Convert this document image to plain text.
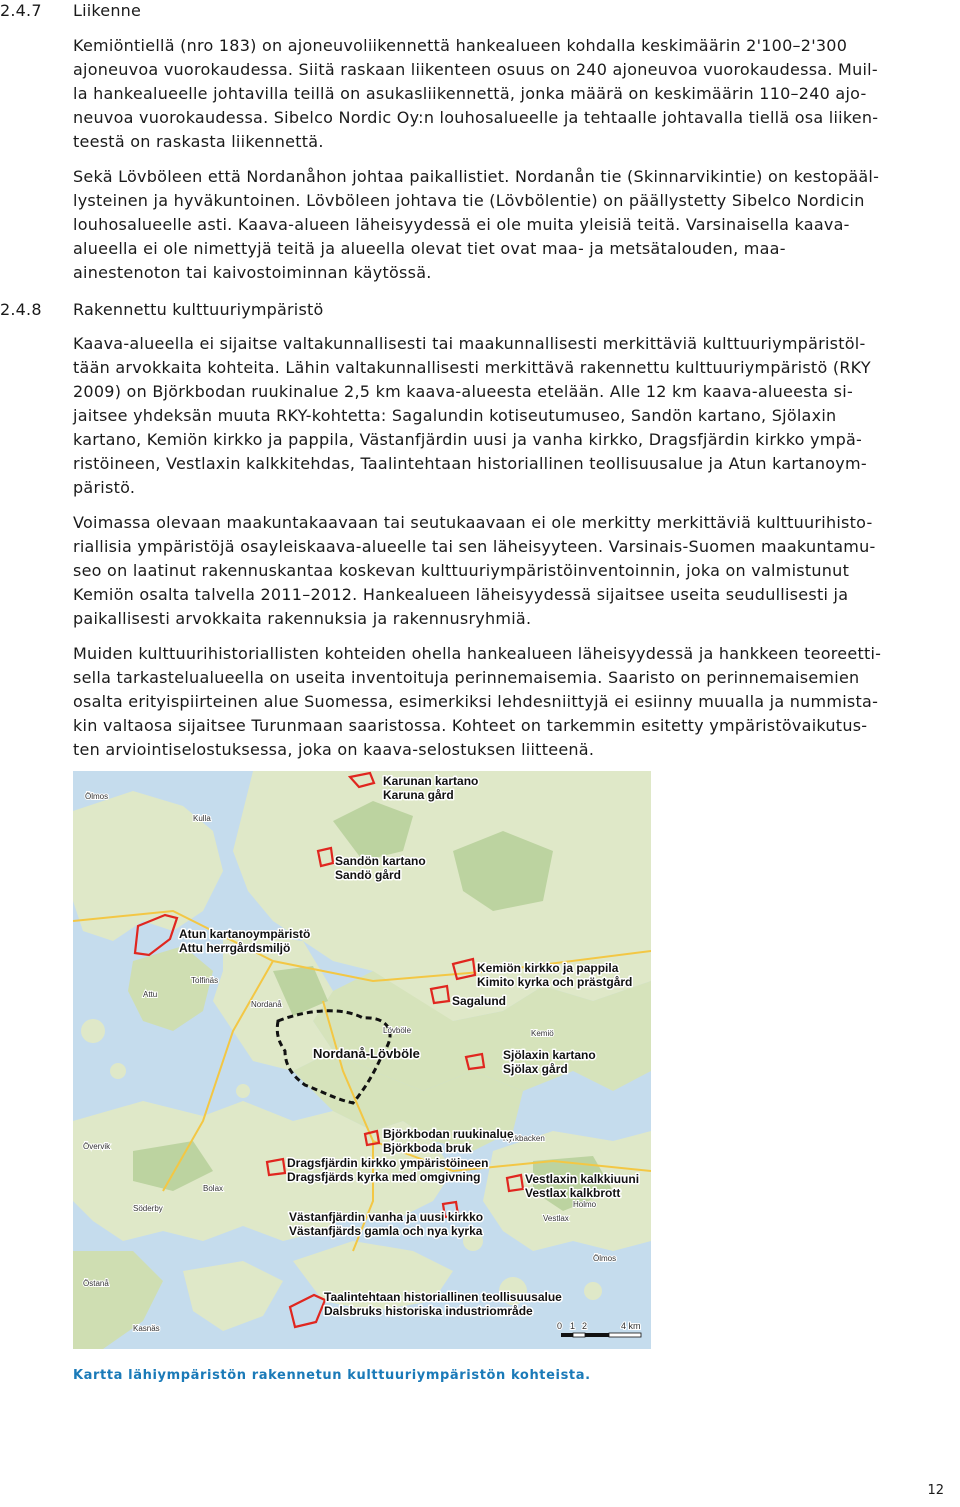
2.4.7 Liikenne
Kemiöntiellä (nro 183) on ajoneuvoliikennettä hankealueen kohdalla keskimäärin 2'100–2'300
ajoneuvoa vuorokaudessa. Siitä raskaan liikenteen osuus on 240 ajoneuvoa vuorokaudessa. Muil-
la hankealueelle johtavilla teillä on asukasliikennettä, jonka määrä on keskimäärin 110–240 ajo-
neuvoa vuorokaudessa. Sibelco Nordic Oy:n louhosalueelle ja tehtaalle johtavalla tiellä osa liiken-
teestä on raskasta liikennettä.
Sekä Lövböleen että Nordanåhon johtaa paikallistiet. Nordanån tie (Skinnarvikintie) on kestopääl-
lysteinen ja hyväkuntoinen. Lövböleen johtava tie (Lövbölentie) on päällystetty Sibelco Nordicin
louhosalueelle asti. Kaava-alueen läheisyydessä ei ole muita yleisiä teitä. Varsinaisella kaava-
alueella ei ole nimettyjä teitä ja alueella olevat tiet ovat maa- ja metsätalouden, maa-
ainestenoton tai kaivostoiminnan käytössä.
2.4.8 Rakennettu kulttuuriympäristö
Kaava-alueella ei sijaitse valtakunnallisesti tai maakunnallisesti merkittäviä kulttuuriympäristöl-
tään arvokkaita kohteita. Lähin valtakunnallisesti merkittävä rakennettu kulttuuriympäristö (RKY
2009) on Björkbodan ruukinalue 2,5 km kaava-alueesta etelään. Alle 12 km kaava-alueesta si-
jaitsee yhdeksän muuta RKY-kohtetta: Sagalundin kotiseutumuseo, Sandön kartano, Sjölaxin
kartano, Kemiön kirkko ja pappila, Västanfjärdin uusi ja vanha kirkko, Dragsfjärdin kirkko ympä-
ristöineen, Vestlaxin kalkkitehdas, Taalintehtaan historiallinen teollisuusalue ja Atun kartanoym-
päristö.
Voimassa olevaan maakuntakaavaan tai seutukaavaan ei ole merkitty merkittäviä kulttuurihisto-
riallisia ympäristöjä osayleiskaava-alueelle tai sen läheisyyteen. Varsinais-Suomen maakuntamu-
seo on laatinut rakennuskantaa koskevan kulttuuriympäristöinventoinnin, joka on valmistunut
Kemiön osalta talvella 2011–2012. Hankealueen läheisyydessä sijaitsee useita seudullisesti ja
paikallisesti arvokkaita rakennuksia ja rakennusryhmiä.
Muiden kulttuurihistoriallisten kohteiden ohella hankealueen läheisyydessä ja hankkeen teoreetti-
sella tarkastelualueella on useita inventoituja perinnemaisemia. Saaristo on perinnemaisemien
osalta erityispiirteinen alue Suomessa, esimerkiksi lehdesniittyjä ei esiinny muualla ja nummista-
kin valtaosa sijaitsee Turunmaan saaristossa. Kohteet on tarkemmin esitetty ympäristövaikutus-
ten arviointiselostuksessa, joka on kaava-selostuksen liitteenä.
Ölmos
Kulla
Tolfinäs
Attu
Kemiö
Övervik
Söderby
Bolax
Östanå
Nordanå
Lövböle
Kyrkbacken
Holmo
Vestlax
Ölmos
Kasnäs
Karunan kartano
Karuna gård
Sandön kartano
Sandö gård
Atun kartanoympäristö
Attu herrgårdsmiljö
Kemiön kirkko ja pappila
Kimito kyrka och prästgård
Sagalund
Nordanå-Lövböle	Sjölaxin kartano
Sjölax gård
Björkbodan ruukinalue
Björkboda bruk
Dragsfjärdin kirkko ympäristöineen
Dragsfjärds kyrka med omgivning	Vestlaxin kalkkiuuni
Vestlax kalkbrott
Västanfjärdin vanha ja uusi kirkko
Västanfjärds gamla och nya kyrka
Taalintehtaan historiallinen teollisuusalue
Dalsbruks historiska industriområde
0 1 2	4 km
Kartta lähiympäristön rakennetun kulttuuriympäristön kohteista.
12
